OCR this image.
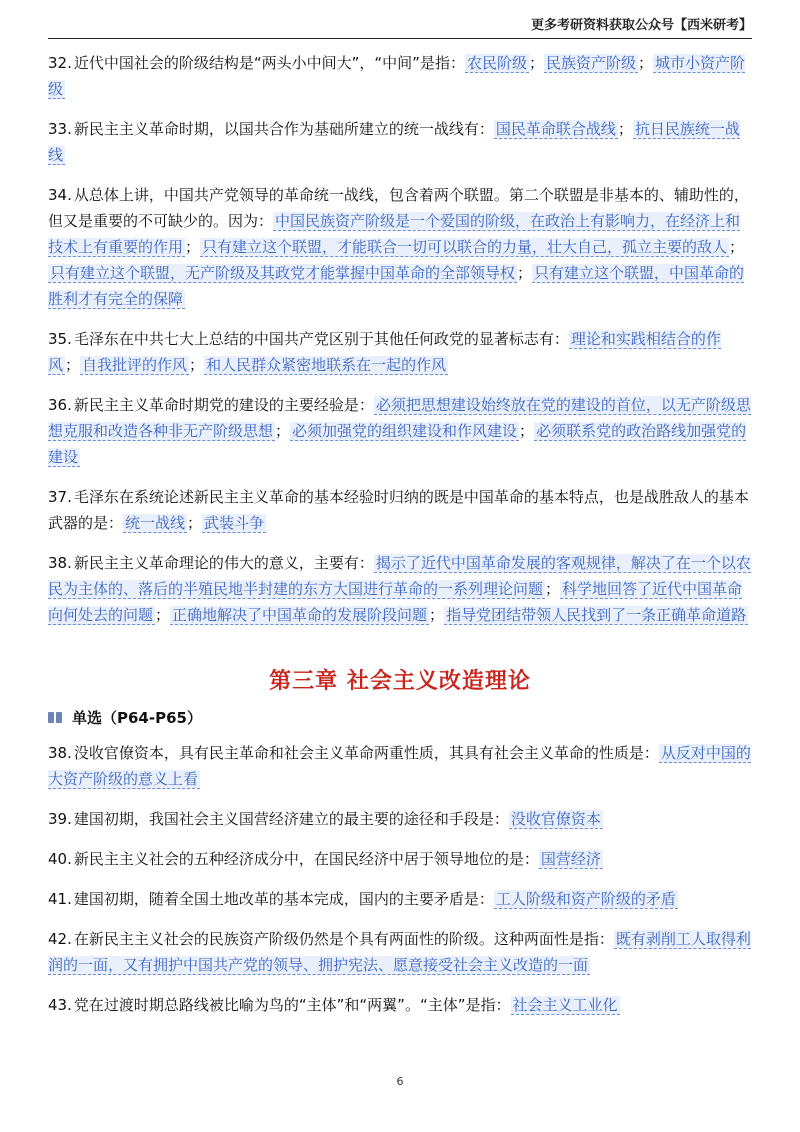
更多考研资料获取公众号【西米研考】

32. 近代中国社会的阶级结构是“两头小中间大”，“中间”是指： 农民阶级 ； 民族资产阶级 ； 城市小资产阶级

33. 新民主主义革命时期，以国共合作为基础所建立的统一战线有： 国民革命联合战线 ； 抗日民族统一战线

34. 从总体上讲，中国共产党领导的革命统一战线，包含着两个联盟。第二个联盟是非基本的、辅助性的，但又是重要的不可缺少的。因为： 中国民族资产阶级是一个爱国的阶级，在政治上有影响力，在经济上和技术上有重要的作用 ； 只有建立这个联盟，才能联合一切可以联合的力量，壮大自己，孤立主要的敌人 ；只有建立这个联盟，无产阶级及其政党才能掌握中国革命的全部领导权 ； 只有建立这个联盟，中国革命的胜利才有完全的保障

35. 毛泽东在中共七大上总结的中国共产党区别于其他任何政党的显著标志有： 理论和实践相结合的作风 ； 自我批评的作风 ； 和人民群众紧密地联系在一起的作风

36. 新民主主义革命时期党的建设的主要经验是： 必须把思想建设始终放在党的建设的首位，以无产阶级思想克服和改造各种非无产阶级思想 ； 必须加强党的组织建设和作风建设 ； 必须联系党的政治路线加强党的建设

37. 毛泽东在系统论述新民主主义革命的基本经验时归纳的既是中国革命的基本特点，也是战胜敌人的基本武器的是： 统一战线 ； 武装斗争

38. 新民主主义革命理论的伟大的意义，主要有： 揭示了近代中国革命发展的客观规律，解决了在一个以农民为主体的、落后的半殖民地半封建的东方大国进行革命的一系列理论问题 ； 科学地回答了近代中国革命向何处去的问题 ； 正确地解决了中国革命的发展阶段问题 ； 指导党团结带领人民找到了一条正确革命道路

第三章 社会主义改造理论
单选（P64-P65）

38. 没收官僚资本，具有民主革命和社会主义革命两重性质，其具有社会主义革命的性质是： 从反对中国的大资产阶级的意义上看

39. 建国初期，我国社会主义国营经济建立的最主要的途径和手段是： 没收官僚资本

40. 新民主主义社会的五种经济成分中，在国民经济中居于领导地位的是： 国营经济

41. 建国初期，随着全国土地改革的基本完成，国内的主要矛盾是： 工人阶级和资产阶级的矛盾

42. 在新民主主义社会的民族资产阶级仍然是个具有两面性的阶级。这种两面性是指： 既有剥削工人取得利润的一面，又有拥护中国共产党的领导、拥护宪法、愿意接受社会主义改造的一面

43. 党在过渡时期总路线被比喻为鸟的“主体”和“两翼”。“主体”是指： 社会主义工业化

6
